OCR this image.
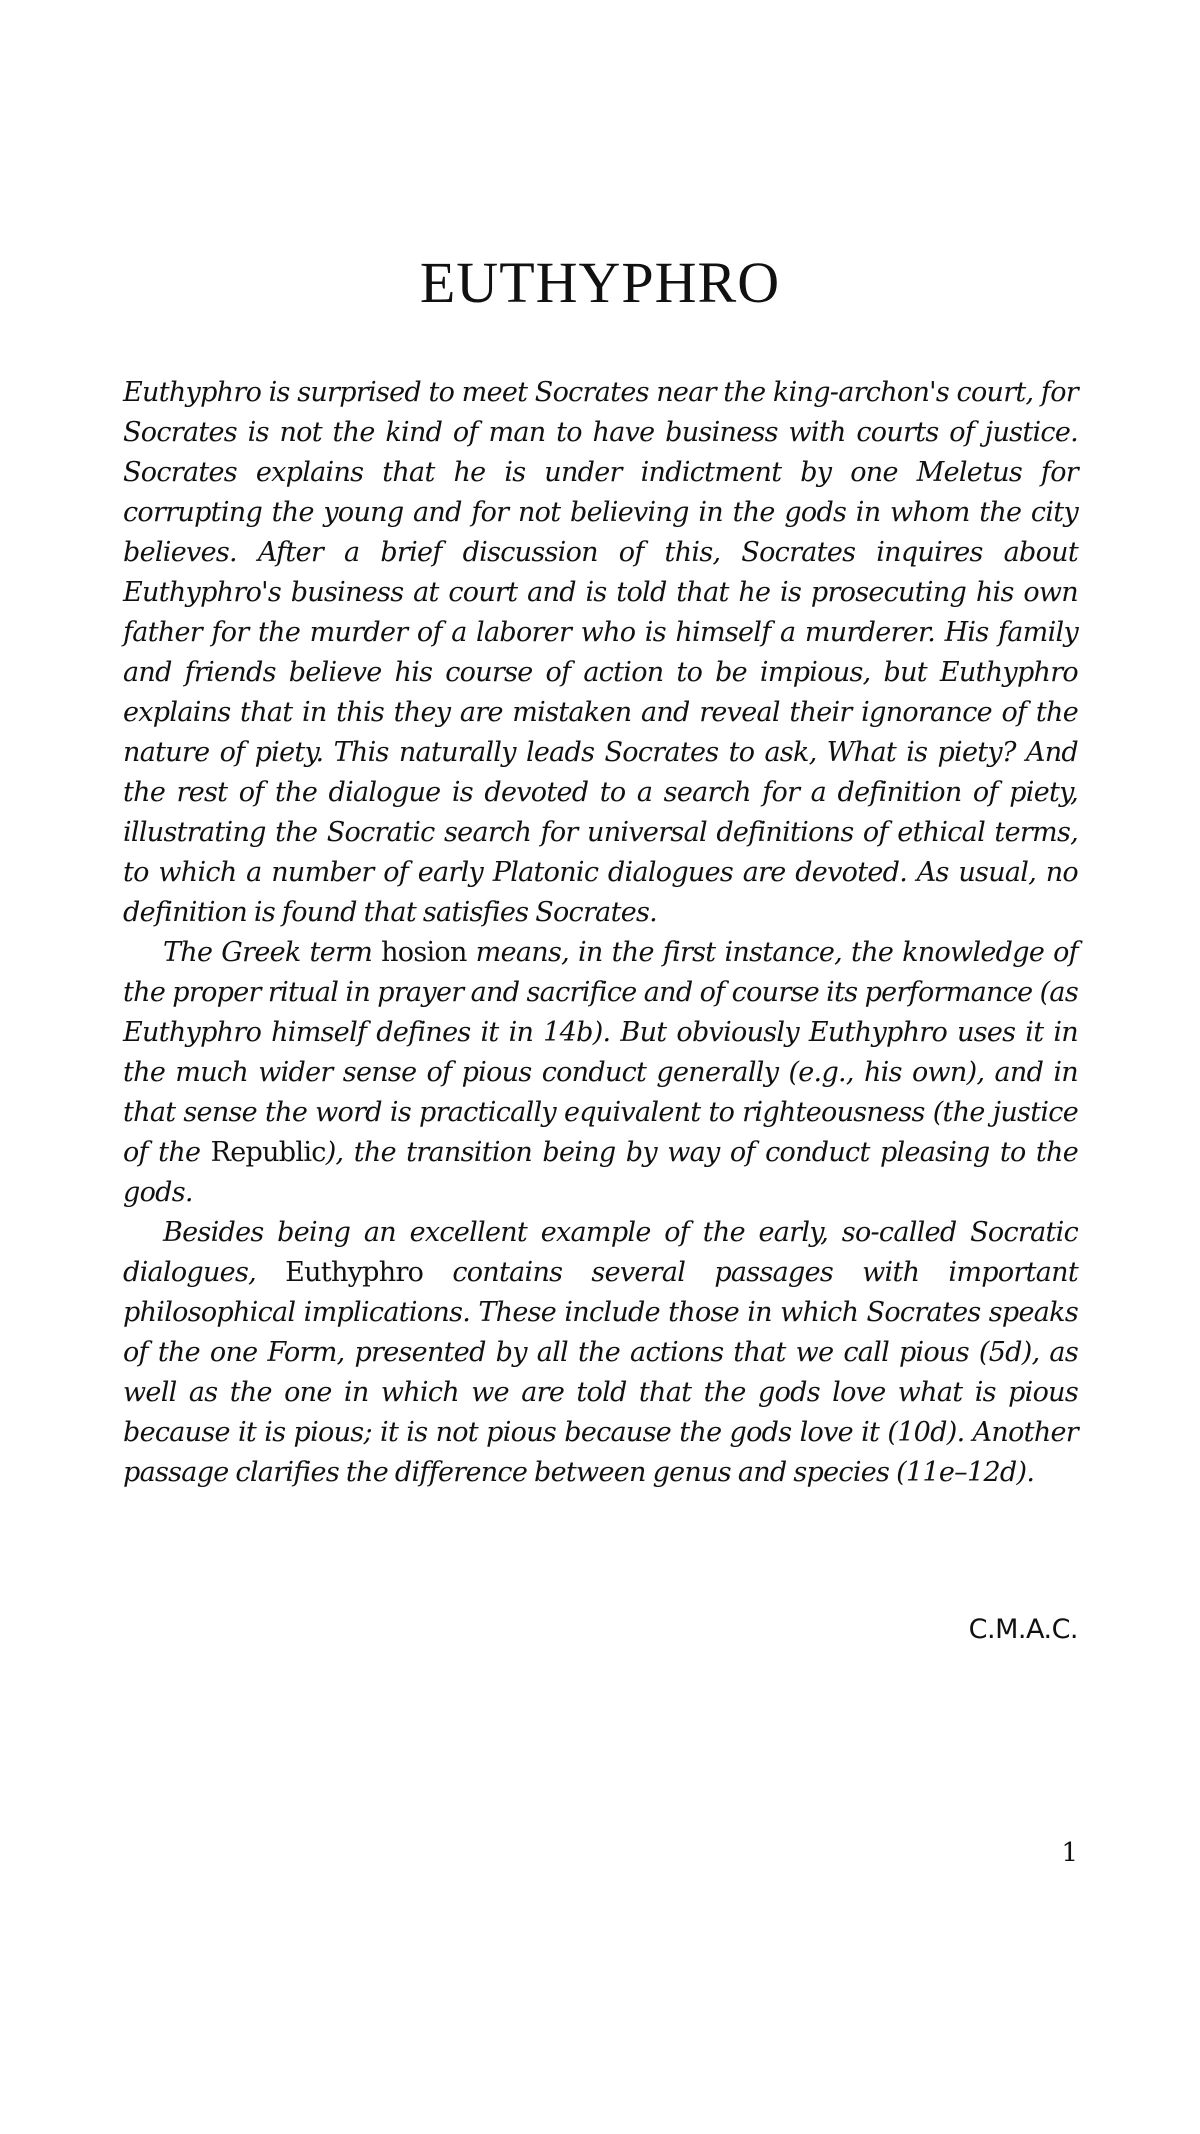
EUTHYPHRO

Euthyphro is surprised to meet Socrates near the king-archon's court, for Socrates is not the kind of man to have business with courts of justice. Socrates explains that he is under indictment by one Meletus for corrupting the young and for not believing in the gods in whom the city believes. After a brief discussion of this, Socrates inquires about Euthyphro's business at court and is told that he is prosecuting his own father for the murder of a laborer who is himself a murderer. His family and friends believe his course of action to be impious, but Euthyphro explains that in this they are mistaken and reveal their ignorance of the nature of piety. This naturally leads Socrates to ask, What is piety? And the rest of the dialogue is devoted to a search for a definition of piety, illustrating the Socratic search for universal definitions of ethical terms, to which a number of early Platonic dialogues are devoted. As usual, no definition is found that satisfies Socrates.

The Greek term hosion means, in the first instance, the knowledge of the proper ritual in prayer and sacrifice and of course its performance (as Euthyphro himself defines it in 14b). But obviously Euthyphro uses it in the much wider sense of pious conduct generally (e.g., his own), and in that sense the word is practically equivalent to righteousness (the justice of the Republic), the transition being by way of conduct pleasing to the gods.

Besides being an excellent example of the early, so-called Socratic dialogues, Euthyphro contains several passages with important philosophical implications. These include those in which Socrates speaks of the one Form, presented by all the actions that we call pious (5d), as well as the one in which we are told that the gods love what is pious because it is pious; it is not pious because the gods love it (10d). Another passage clarifies the difference between genus and species (11e–12d).

C.M.A.C.

1
